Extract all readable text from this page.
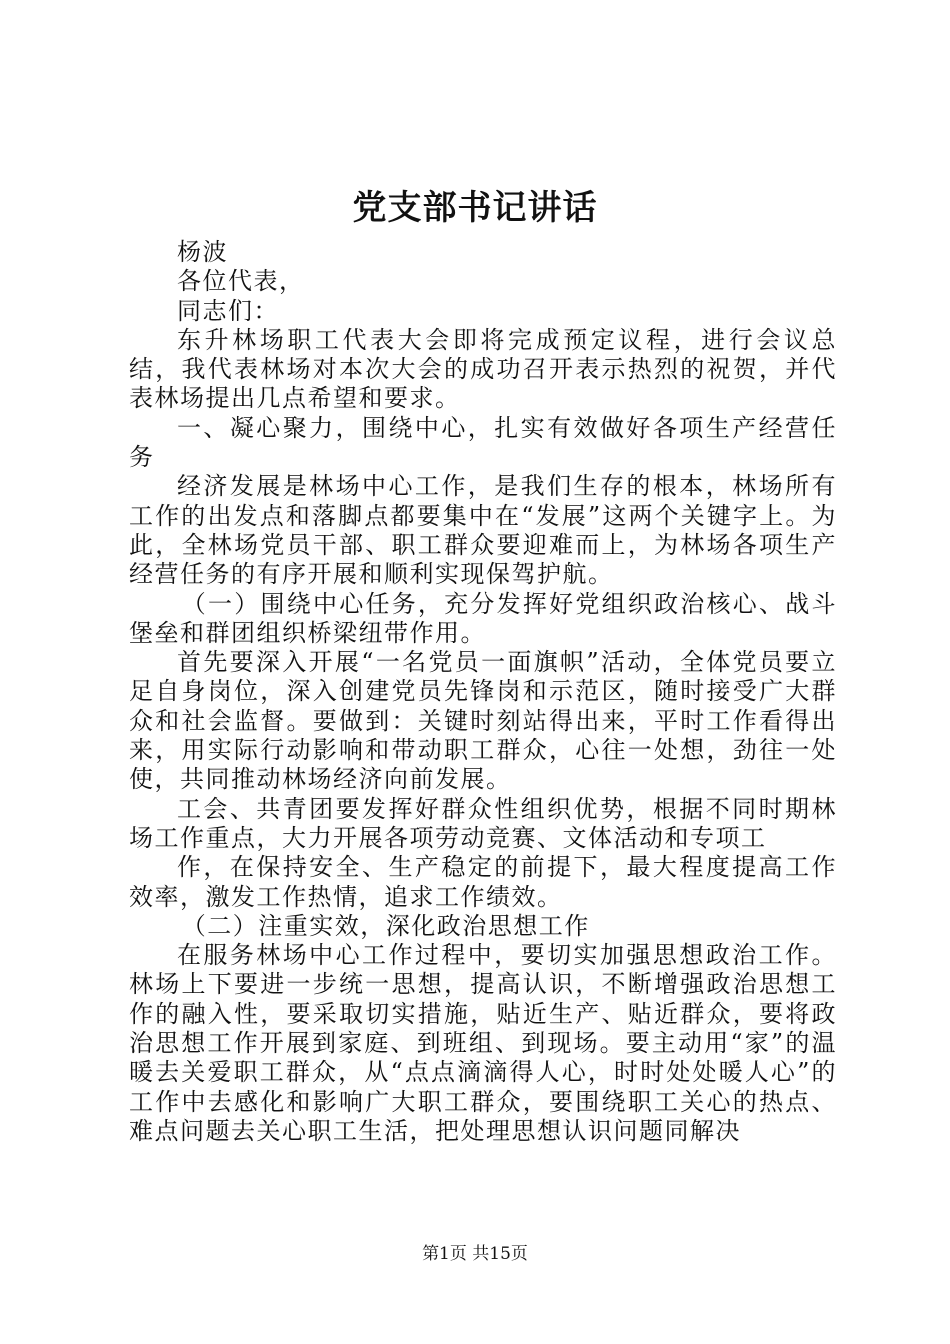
党支部书记讲话

杨波

各位代表，

同志们：

东升林场职工代表大会即将完成预定议程，进行会议总结，我代表林场对本次大会的成功召开表示热烈的祝贺，并代表林场提出几点希望和要求。

一、凝心聚力，围绕中心，扎实有效做好各项生产经营任务

经济发展是林场中心工作，是我们生存的根本，林场所有工作的出发点和落脚点都要集中在“发展”这两个关键字上。为此，全林场党员干部、职工群众要迎难而上，为林场各项生产经营任务的有序开展和顺利实现保驾护航。

（一）围绕中心任务，充分发挥好党组织政治核心、战斗堡垒和群团组织桥梁纽带作用。

首先要深入开展“一名党员一面旗帜”活动，全体党员要立足自身岗位，深入创建党员先锋岗和示范区，随时接受广大群众和社会监督。要做到：关键时刻站得出来，平时工作看得出来，用实际行动影响和带动职工群众，心往一处想，劲往一处使，共同推动林场经济向前发展。

工会、共青团要发挥好群众性组织优势，根据不同时期林场工作重点，大力开展各项劳动竞赛、文体活动和专项工

作，在保持安全、生产稳定的前提下，最大程度提高工作效率，激发工作热情，追求工作绩效。

（二）注重实效，深化政治思想工作

在服务林场中心工作过程中，要切实加强思想政治工作。林场上下要进一步统一思想，提高认识，不断增强政治思想工作的融入性，要采取切实措施，贴近生产、贴近群众，要将政治思想工作开展到家庭、到班组、到现场。要主动用“家”的温暖去关爱职工群众，从“点点滴滴得人心，时时处处暖人心”的工作中去感化和影响广大职工群众，要围绕职工关心的热点、难点问题去关心职工生活，把处理思想认识问题同解决

第1页 共15页
